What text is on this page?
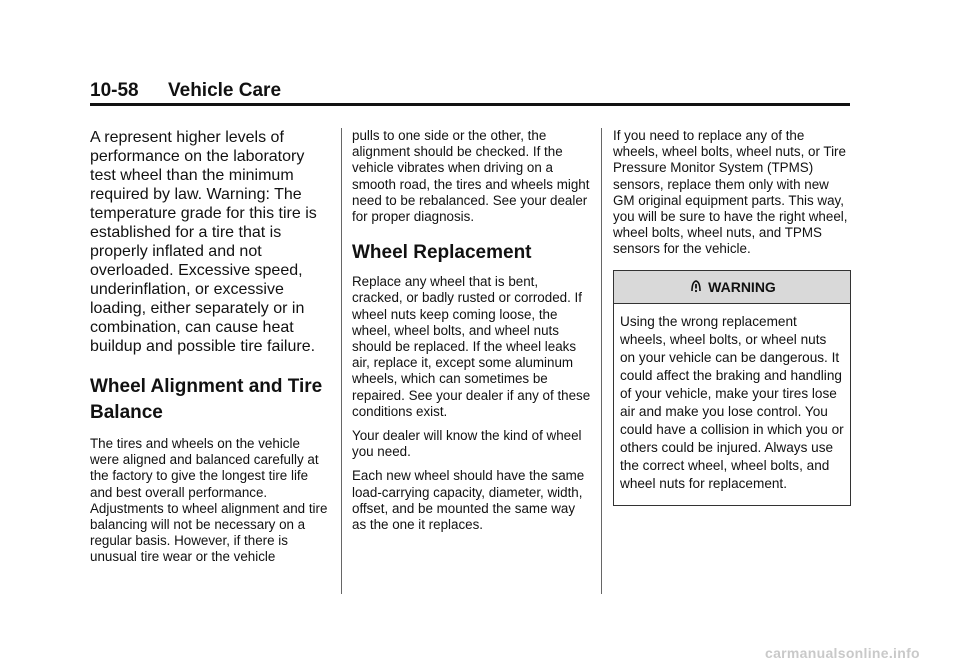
10-58 Vehicle Care

A represent higher levels of performance on the laboratory test wheel than the minimum required by law. Warning: The temperature grade for this tire is established for a tire that is properly inflated and not overloaded. Excessive speed, underinflation, or excessive loading, either separately or in combination, can cause heat buildup and possible tire failure.

Wheel Alignment and Tire Balance

The tires and wheels on the vehicle were aligned and balanced carefully at the factory to give the longest tire life and best overall performance. Adjustments to wheel alignment and tire balancing will not be necessary on a regular basis. However, if there is unusual tire wear or the vehicle

pulls to one side or the other, the alignment should be checked. If the vehicle vibrates when driving on a smooth road, the tires and wheels might need to be rebalanced. See your dealer for proper diagnosis.

Wheel Replacement

Replace any wheel that is bent, cracked, or badly rusted or corroded. If wheel nuts keep coming loose, the wheel, wheel bolts, and wheel nuts should be replaced. If the wheel leaks air, replace it, except some aluminum wheels, which can sometimes be repaired. See your dealer if any of these conditions exist.

Your dealer will know the kind of wheel you need.

Each new wheel should have the same load-carrying capacity, diameter, width, offset, and be mounted the same way as the one it replaces.

If you need to replace any of the wheels, wheel bolts, wheel nuts, or Tire Pressure Monitor System (TPMS) sensors, replace them only with new GM original equipment parts. This way, you will be sure to have the right wheel, wheel bolts, wheel nuts, and TPMS sensors for the vehicle.

WARNING
Using the wrong replacement wheels, wheel bolts, or wheel nuts on your vehicle can be dangerous. It could affect the braking and handling of your vehicle, make your tires lose air and make you lose control. You could have a collision in which you or others could be injured. Always use the correct wheel, wheel bolts, and wheel nuts for replacement.
carmanualsonline.info
